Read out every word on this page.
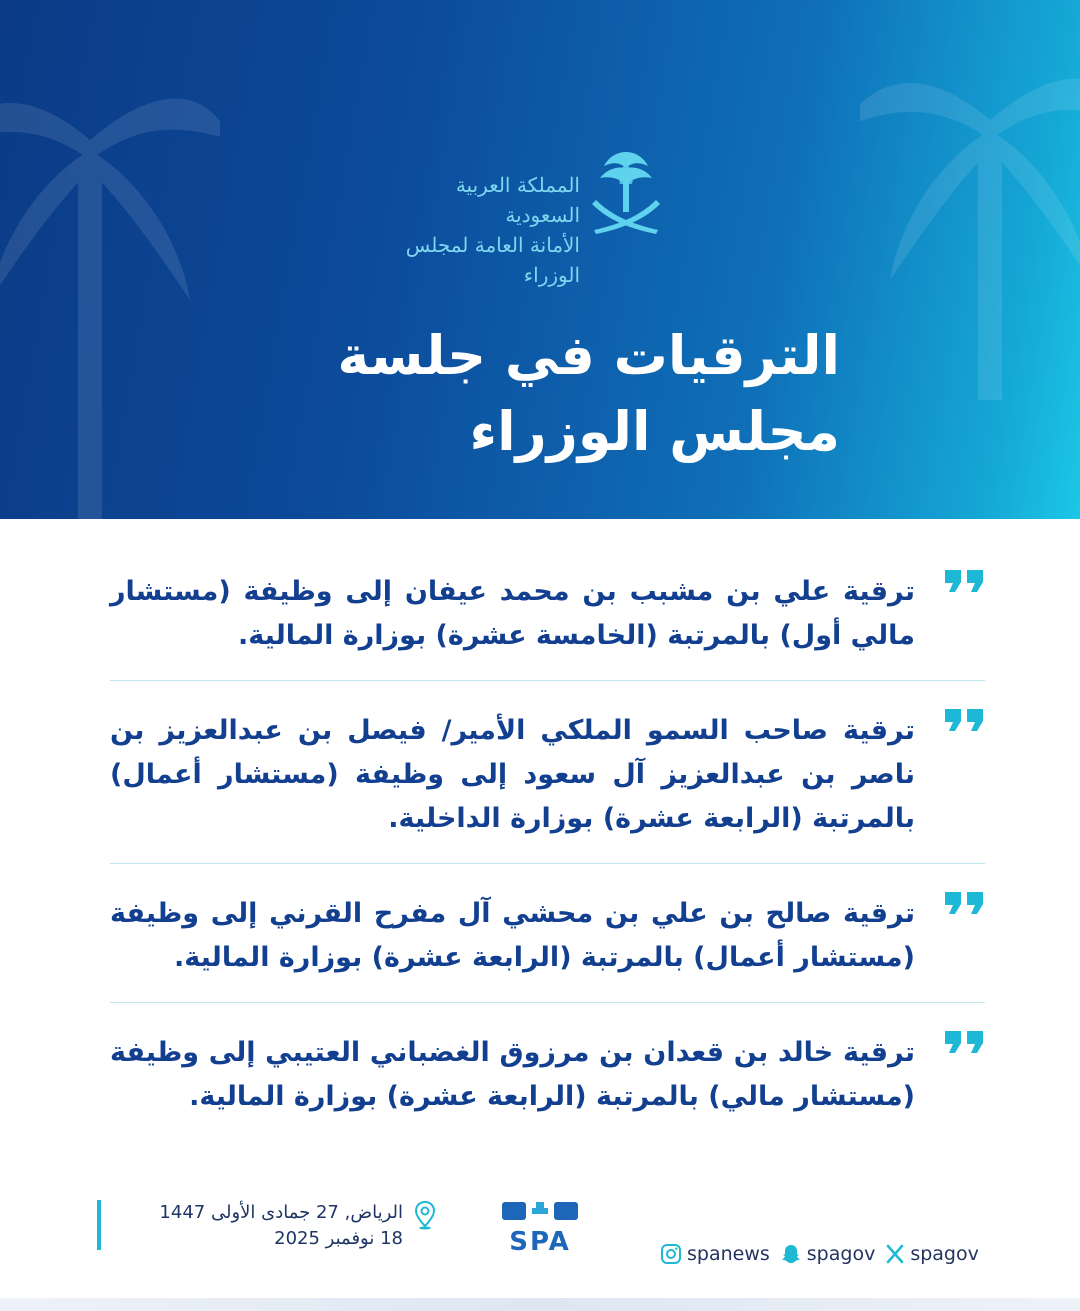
المملكة العربية السعودية
الأمانة العامة لمجلس الوزراء
الترقيات في جلسة
مجلس الوزراء
ترقية علي بن مشبب بن محمد عيفان إلى وظيفة (مستشار مالي أول) بالمرتبة (الخامسة عشرة) بوزارة المالية.
ترقية صاحب السمو الملكي الأمير/ فيصل بن عبدالعزيز بن ناصر بن عبدالعزيز آل سعود إلى وظيفة (مستشار أعمال) بالمرتبة (الرابعة عشرة) بوزارة الداخلية.
ترقية صالح بن علي بن محشي آل مفرح القرني إلى وظيفة (مستشار أعمال) بالمرتبة (الرابعة عشرة) بوزارة المالية.
ترقية خالد بن قعدان بن مرزوق الغضباني العتيبي إلى وظيفة (مستشار مالي) بالمرتبة (الرابعة عشرة) بوزارة المالية.
الرياض, 27 جمادى الأولى 1447
18 نوفمبر 2025	SPA	spanews spagov spagov
